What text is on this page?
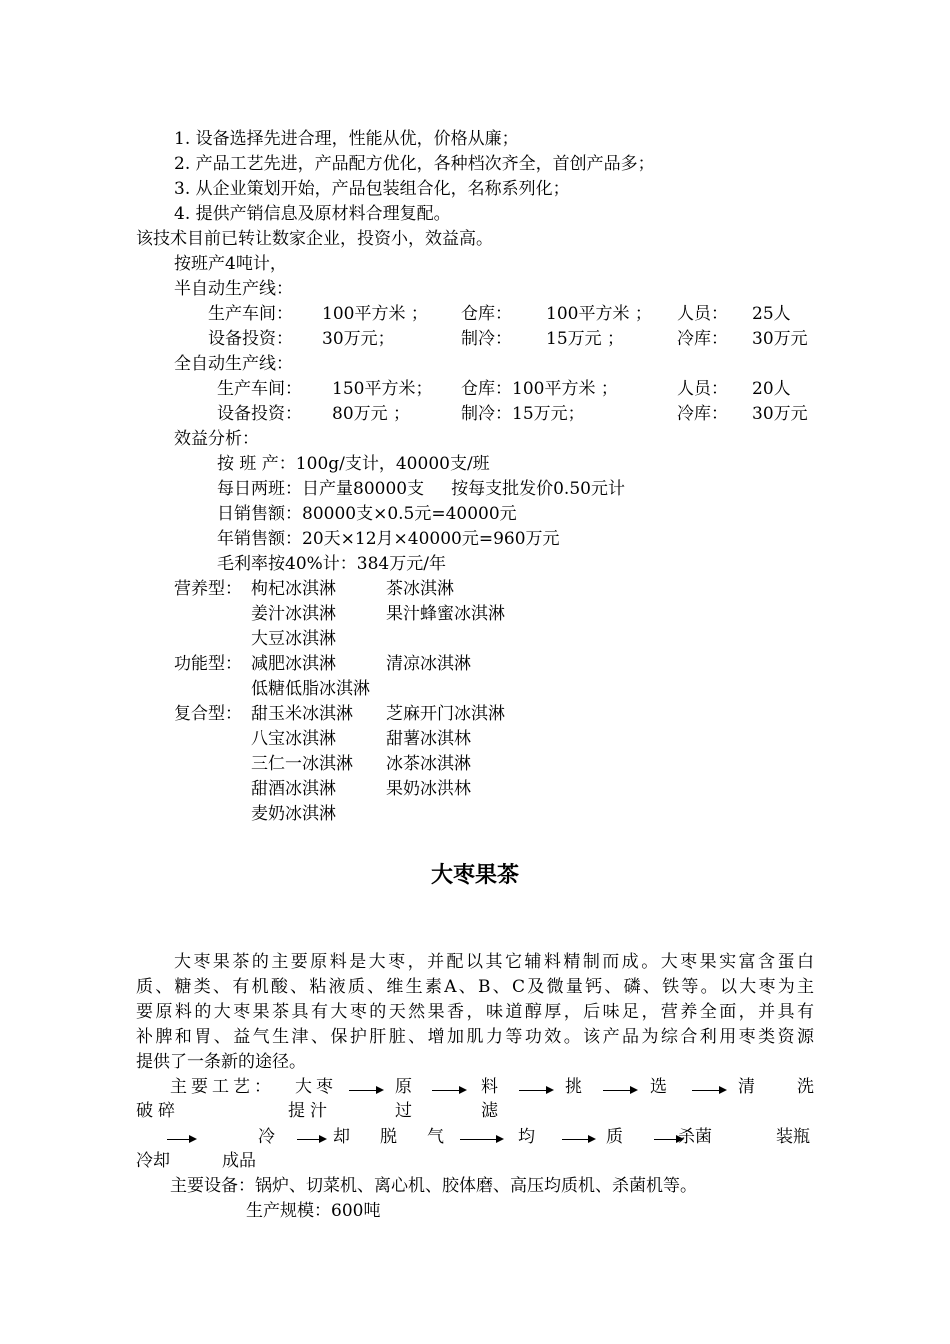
1. 设备选择先进合理，性能从优，价格从廉；
2. 产品工艺先进，产品配方优化，各种档次齐全，首创产品多；
3. 从企业策划开始，产品包装组合化，名称系列化；
4. 提供产销信息及原材料合理复配。
该技术目前已转让数家企业，投资小，效益高。
按班产4吨计，
半自动生产线：
生产车间： 100平方米 ； 仓库： 100平方米 ； 人员： 25人
设备投资： 30万元；	制冷： 15万元 ；	冷库： 30万元
全自动生产线：
生产车间： 150平方米； 仓库：100平方米 ；	人员： 20人
设备投资： 80万元 ；	制冷：15万元；	冷库： 30万元
效益分析：
按 班 产：100g/支计，40000支/班
每日两班：日产量80000支     按每支批发价0.50元计
日销售额：80000支×0.5元=40000元
年销售额：20天×12月×40000元=960万元
毛利率按40%计：384万元/年
营养型： 枸杞冰淇淋	茶冰淇淋
姜汁冰淇淋	果汁蜂蜜冰淇淋
大豆冰淇淋
功能型： 减肥冰淇淋	清凉冰淇淋
低糖低脂冰淇淋
复合型： 甜玉米冰淇淋 芝麻开门冰淇淋
八宝冰淇淋	甜薯冰淇林
三仁一冰淇淋 冰茶冰淇淋
甜酒冰淇淋	果奶冰洪林
麦奶冰淇淋
大枣果茶
大枣果茶的主要原料是大枣，并配以其它辅料精制而成。大枣果实富含蛋白
质、糖类、有机酸、粘液质、维生素A、B、C及微量钙、磷、铁等。以大枣为主
要原料的大枣果茶具有大枣的天然果香，味道醇厚，后味足，营养全面，并具有
补脾和胃、益气生津、保护肝脏、增加肌力等功效。该产品为综合利用枣类资源
提供了一条新的途径。
主要工艺： 大枣	原	料	挑	选	清 洗
破碎	提汁	过	滤
冷	却 脱 气	均	质	杀菌	装瓶
冷却	成品
主要设备：锅炉、切菜机、离心机、胶体磨、高压均质机、杀菌机等。
生产规模：600吨
